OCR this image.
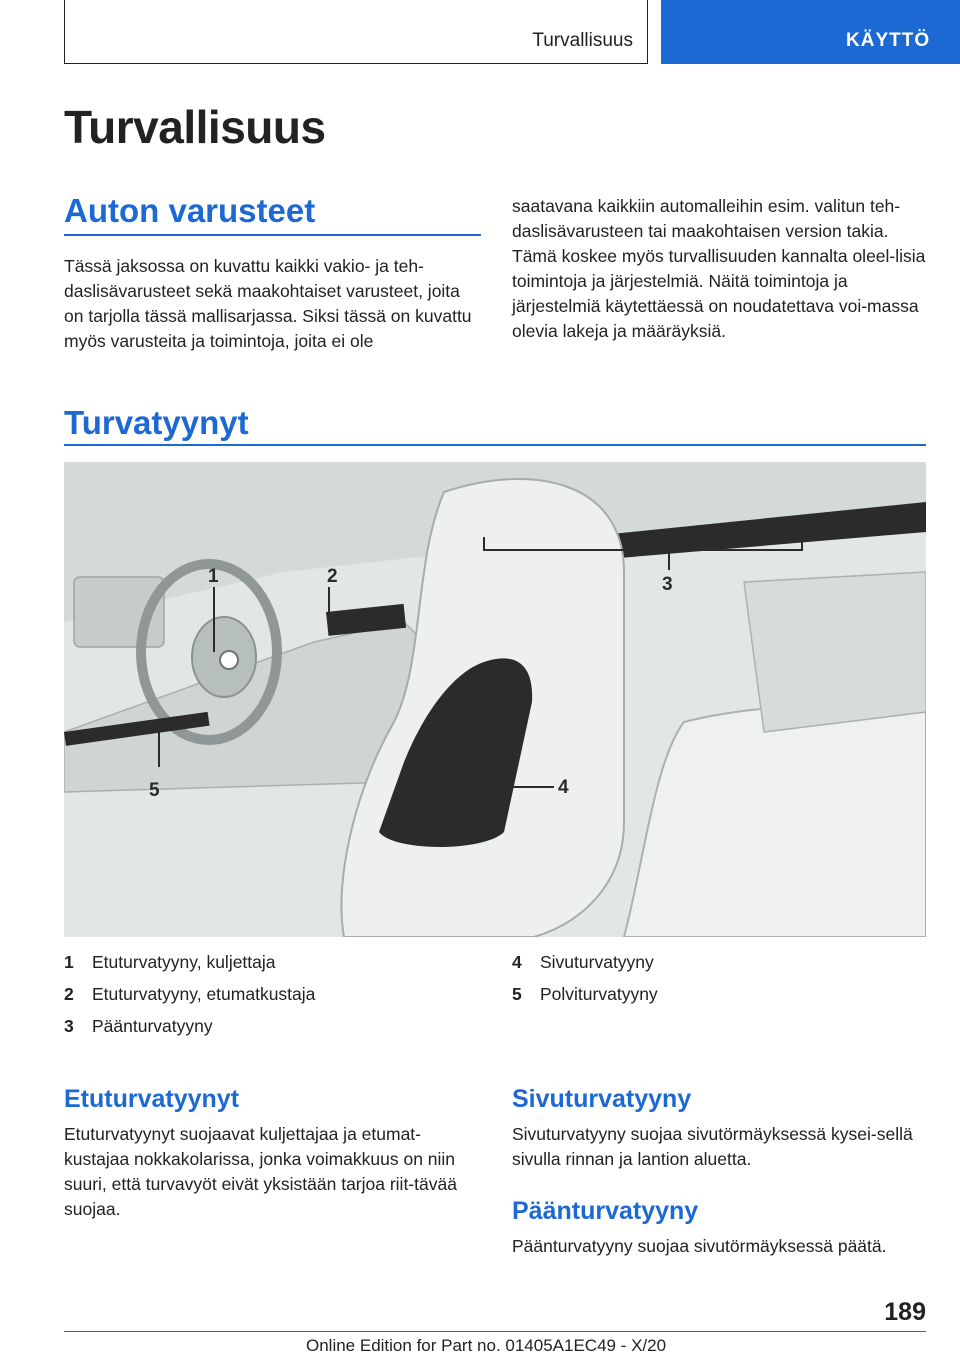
Turvallisuus	KÄYTTÖ
Turvallisuus
Auton varusteet

Tässä jaksossa on kuvattu kaikki vakio- ja teh-daslisävarusteet sekä maakohtaiset varusteet, joita on tarjolla tässä mallisarjassa. Siksi tässä on kuvattu myös varusteita ja toimintoja, joita ei ole

saatavana kaikkiin automalleihin esim. valitun teh-daslisävarusteen tai maakohtaisen version takia. Tämä koskee myös turvallisuuden kannalta oleel-lisia toimintoja ja järjestelmiä. Näitä toimintoja ja järjestelmiä käytettäessä on noudatettava voi-massa olevia lakeja ja määräyksiä.

Turvatyynyt
1	2	3
4
5
1 Etuturvatyyny, kuljettaja
2 Etuturvatyyny, etumatkustaja
3 Päänturvatyyny
4 Sivuturvatyyny
5 Polviturvatyyny
Etuturvatyynyt

Etuturvatyynyt suojaavat kuljettajaa ja etumat-kustajaa nokkakolarissa, jonka voimakkuus on niin suuri, että turvavyöt eivät yksistään tarjoa riit-tävää suojaa.

Sivuturvatyyny

Sivuturvatyyny suojaa sivutörmäyksessä kysei-sellä sivulla rinnan ja lantion aluetta.

Päänturvatyyny

Päänturvatyyny suojaa sivutörmäyksessä päätä.

189
Online Edition for Part no. 01405A1EC49 - X/20
